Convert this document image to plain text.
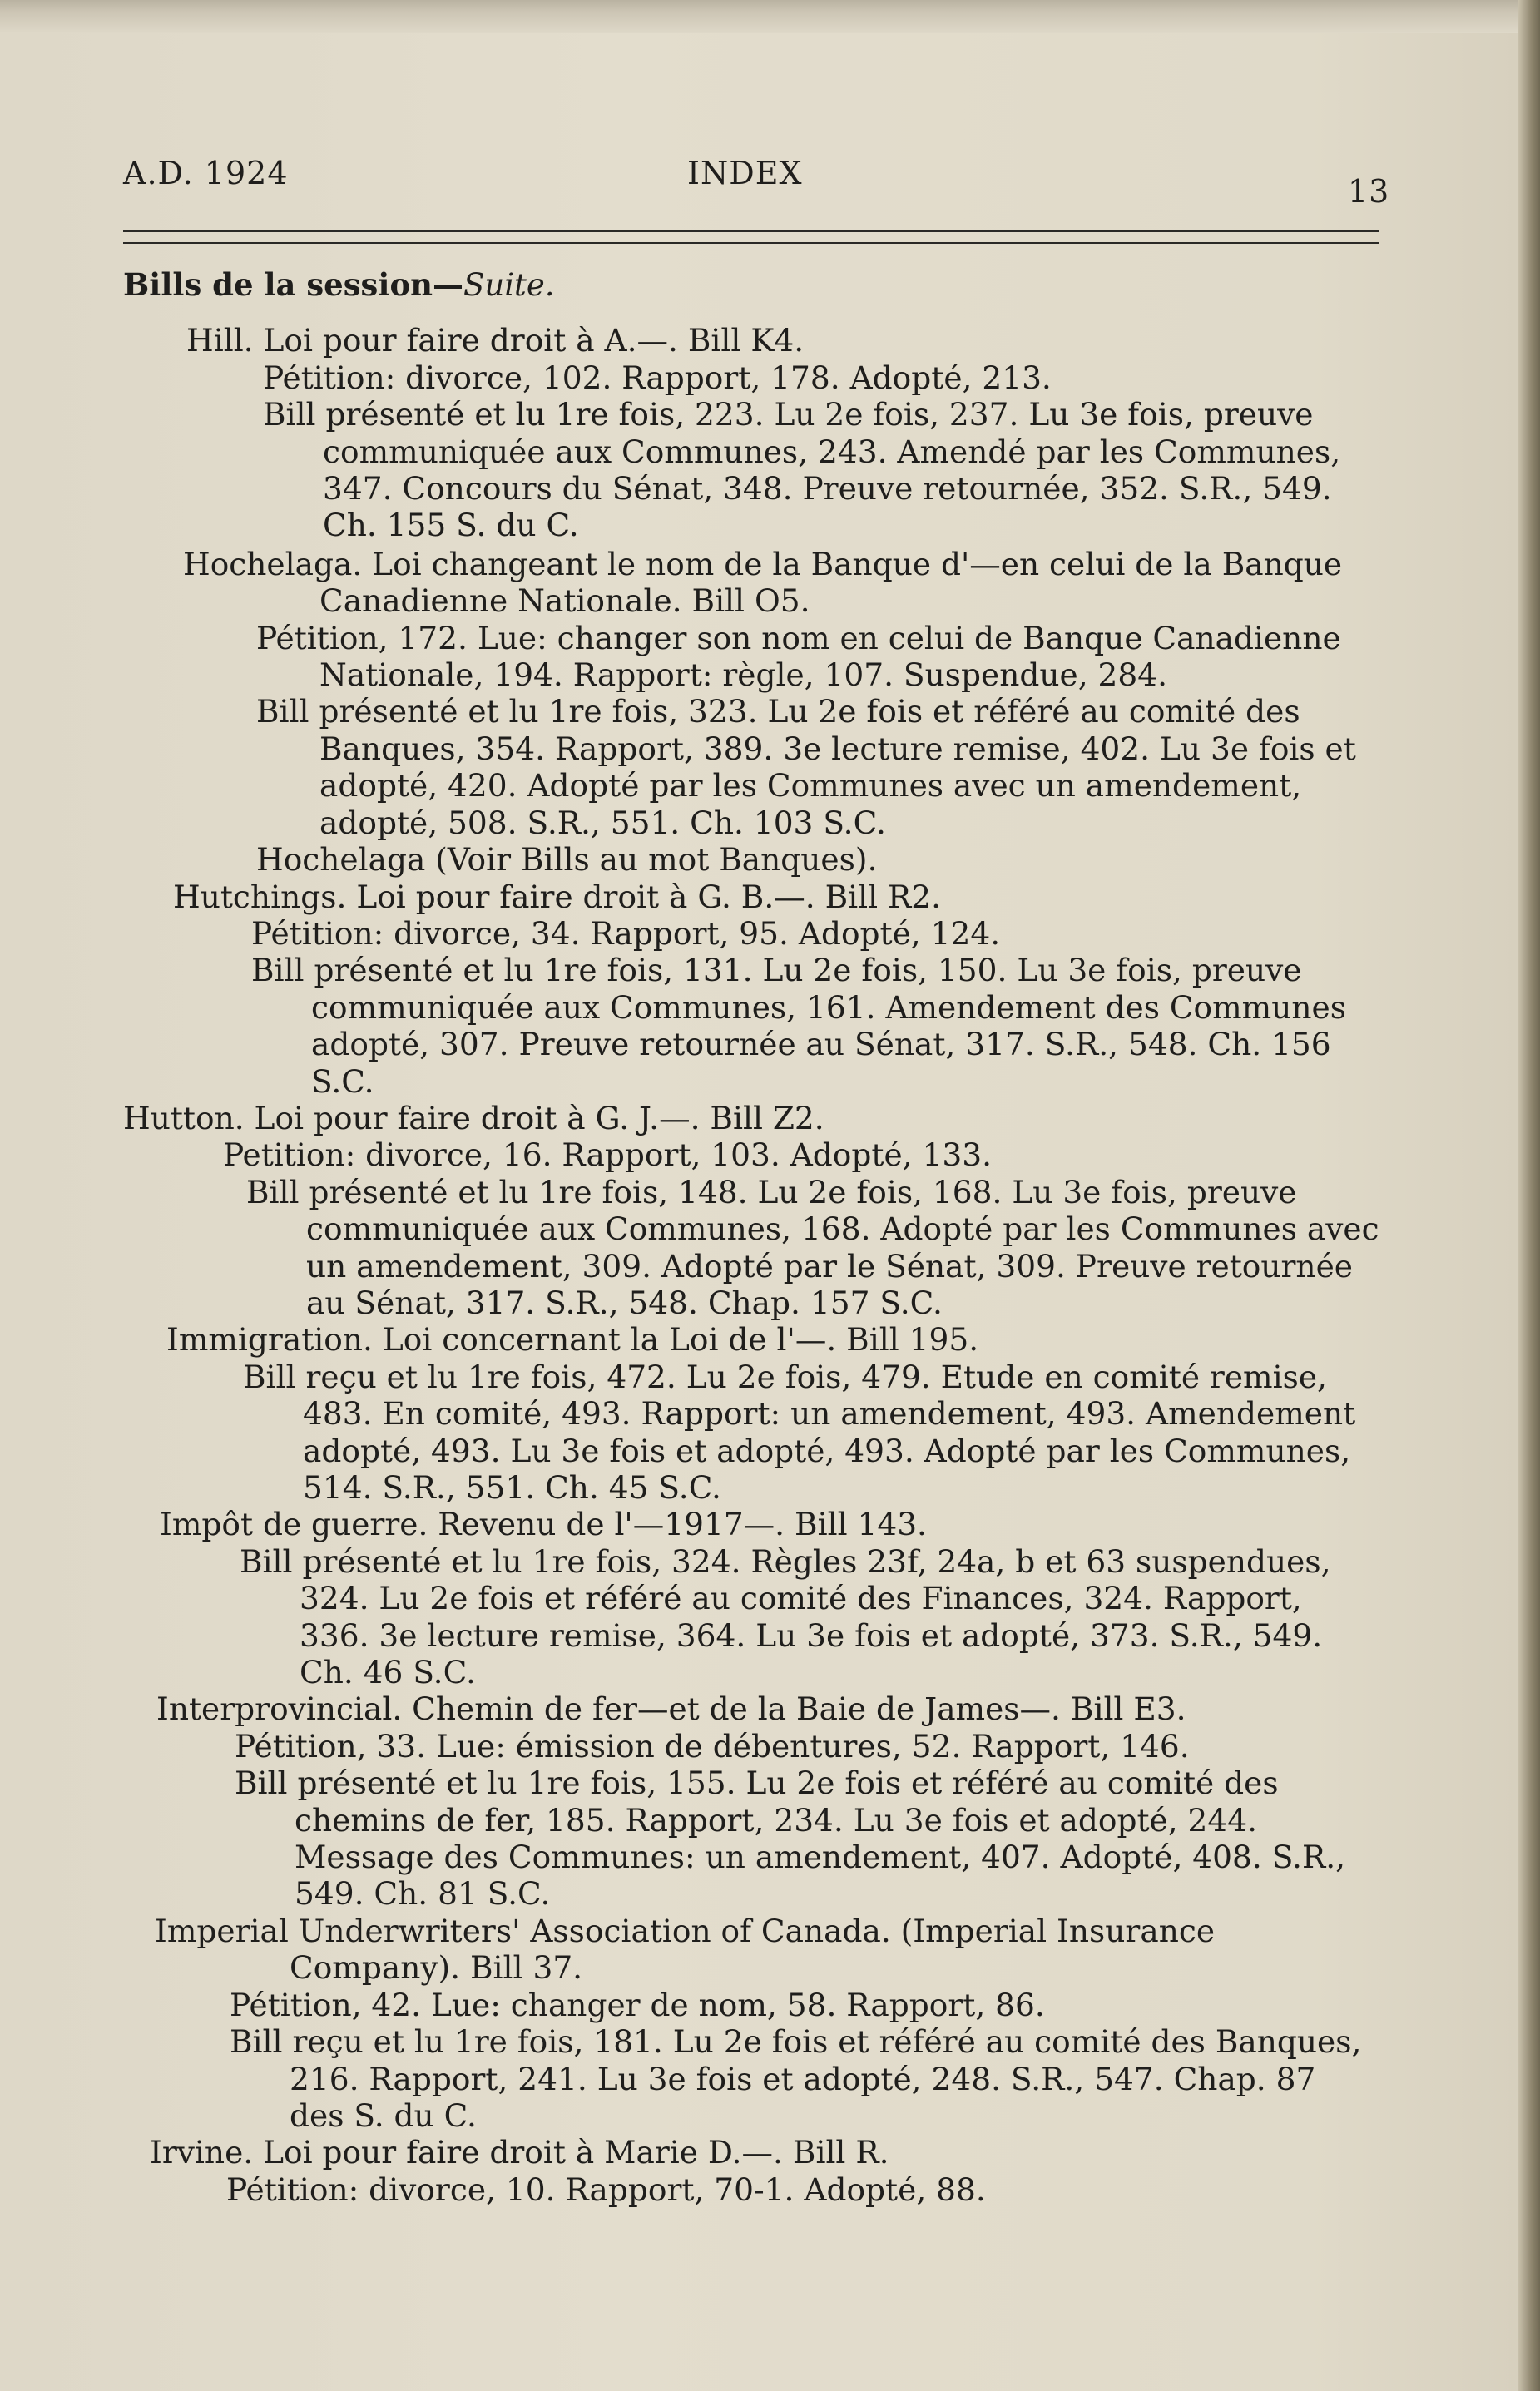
A.D. 1924	INDEX	13
Bills de la session—Suite.

Hill. Loi pour faire droit à A.—. Bill K4.

Pétition: divorce, 102. Rapport, 178. Adopté, 213.

Bill présenté et lu 1re fois, 223. Lu 2e fois, 237. Lu 3e fois, preuve communiquée aux Communes, 243. Amendé par les Communes, 347. Concours du Sénat, 348. Preuve retournée, 352. S.R., 549. Ch. 155 S. du C.

Hochelaga. Loi changeant le nom de la Banque d'—en celui de la Banque Canadienne Nationale. Bill O5.

Pétition, 172. Lue: changer son nom en celui de Banque Canadienne Nationale, 194. Rapport: règle, 107. Suspendue, 284.

Bill présenté et lu 1re fois, 323. Lu 2e fois et référé au comité des Banques, 354. Rapport, 389. 3e lecture remise, 402. Lu 3e fois et adopté, 420. Adopté par les Communes avec un amendement, adopté, 508. S.R., 551. Ch. 103 S.C.

Hochelaga (Voir Bills au mot Banques).

Hutchings. Loi pour faire droit à G. B.—. Bill R2.

Pétition: divorce, 34. Rapport, 95. Adopté, 124.

Bill présenté et lu 1re fois, 131. Lu 2e fois, 150. Lu 3e fois, preuve communiquée aux Communes, 161. Amendement des Communes adopté, 307. Preuve retournée au Sénat, 317. S.R., 548. Ch. 156 S.C.

Hutton. Loi pour faire droit à G. J.—. Bill Z2.

Petition: divorce, 16. Rapport, 103. Adopté, 133.

Bill présenté et lu 1re fois, 148. Lu 2e fois, 168. Lu 3e fois, preuve communiquée aux Communes, 168. Adopté par les Communes avec un amendement, 309. Adopté par le Sénat, 309. Preuve retournée au Sénat, 317. S.R., 548. Chap. 157 S.C.

Immigration. Loi concernant la Loi de l'—. Bill 195.

Bill reçu et lu 1re fois, 472. Lu 2e fois, 479. Etude en comité remise, 483. En comité, 493. Rapport: un amendement, 493. Amendement adopté, 493. Lu 3e fois et adopté, 493. Adopté par les Communes, 514. S.R., 551. Ch. 45 S.C.

Impôt de guerre. Revenu de l'—1917—. Bill 143.

Bill présenté et lu 1re fois, 324. Règles 23f, 24a, b et 63 suspendues, 324. Lu 2e fois et référé au comité des Finances, 324. Rapport, 336. 3e lecture remise, 364. Lu 3e fois et adopté, 373. S.R., 549. Ch. 46 S.C.

Interprovincial. Chemin de fer—et de la Baie de James—. Bill E3.

Pétition, 33. Lue: émission de débentures, 52. Rapport, 146.

Bill présenté et lu 1re fois, 155. Lu 2e fois et référé au comité des chemins de fer, 185. Rapport, 234. Lu 3e fois et adopté, 244. Message des Communes: un amendement, 407. Adopté, 408. S.R., 549. Ch. 81 S.C.

Imperial Underwriters' Association of Canada. (Imperial Insurance Company). Bill 37.

Pétition, 42. Lue: changer de nom, 58. Rapport, 86.

Bill reçu et lu 1re fois, 181. Lu 2e fois et référé au comité des Banques, 216. Rapport, 241. Lu 3e fois et adopté, 248. S.R., 547. Chap. 87 des S. du C.

Irvine. Loi pour faire droit à Marie D.—. Bill R.

Pétition: divorce, 10. Rapport, 70-1. Adopté, 88.
